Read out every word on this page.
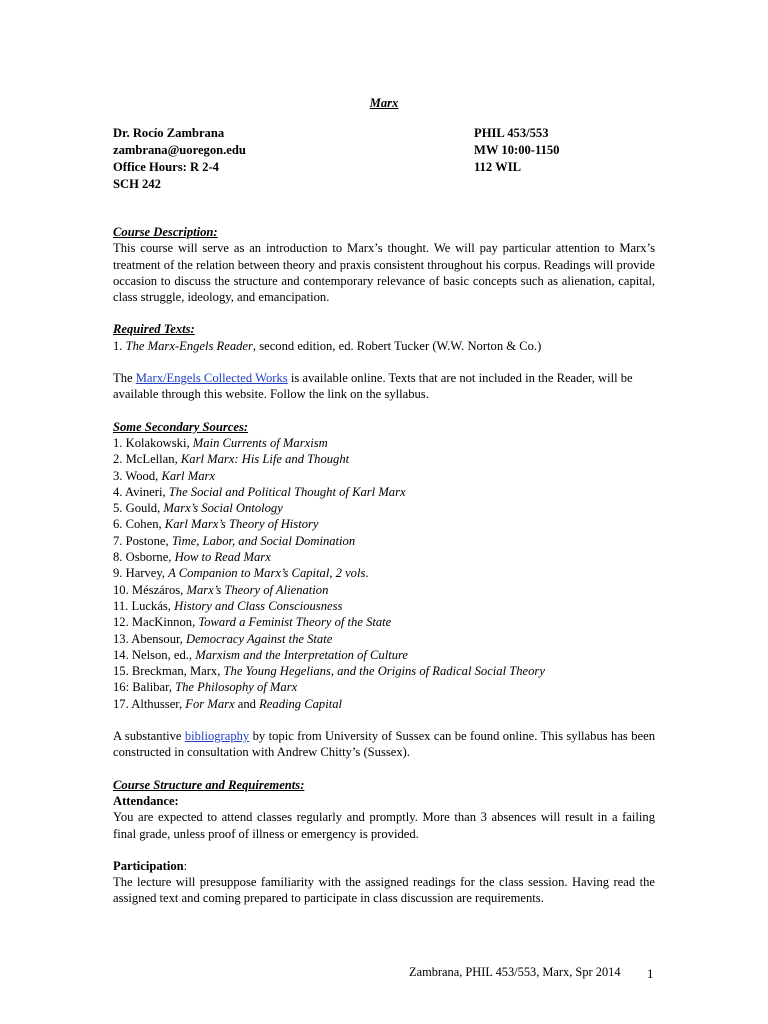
Marx
Dr. Rocío Zambrana
zambrana@uoregon.edu
Office Hours: R 2-4
SCH 242
PHIL 453/553
MW 10:00-1150
112 WIL
Course Description:

This course will serve as an introduction to Marx’s thought. We will pay particular attention to Marx’s treatment of the relation between theory and praxis consistent throughout his corpus. Readings will provide occasion to discuss the structure and contemporary relevance of basic concepts such as alienation, capital, class struggle, ideology, and emancipation.

Required Texts:

1. The Marx-Engels Reader, second edition, ed. Robert Tucker (W.W. Norton & Co.)

The Marx/Engels Collected Works is available online. Texts that are not included in the Reader, will be available through this website. Follow the link on the syllabus.

Some Secondary Sources:
1. Kolakowski, Main Currents of Marxism
2. McLellan, Karl Marx: His Life and Thought
3. Wood, Karl Marx
4. Avineri, The Social and Political Thought of Karl Marx
5. Gould, Marx’s Social Ontology
6. Cohen, Karl Marx’s Theory of History
7. Postone, Time, Labor, and Social Domination
8. Osborne, How to Read Marx
9. Harvey, A Companion to Marx’s Capital, 2 vols.
10. Mészáros, Marx’s Theory of Alienation
11. Luckás, History and Class Consciousness
12. MacKinnon, Toward a Feminist Theory of the State
13. Abensour, Democracy Against the State
14. Nelson, ed., Marxism and the Interpretation of Culture
15. Breckman, Marx, The Young Hegelians, and the Origins of Radical Social Theory
16: Balibar, The Philosophy of Marx
17. Althusser, For Marx and Reading Capital

A substantive bibliography by topic from University of Sussex can be found online. This syllabus has been constructed in consultation with Andrew Chitty’s (Sussex).

Course Structure and Requirements:
Attendance:

You are expected to attend classes regularly and promptly. More than 3 absences will result in a failing final grade, unless proof of illness or emergency is provided.

Participation:

The lecture will presuppose familiarity with the assigned readings for the class session. Having read the assigned text and coming prepared to participate in class discussion are requirements.

Zambrana, PHIL 453/553, Marx, Spr 2014 1
